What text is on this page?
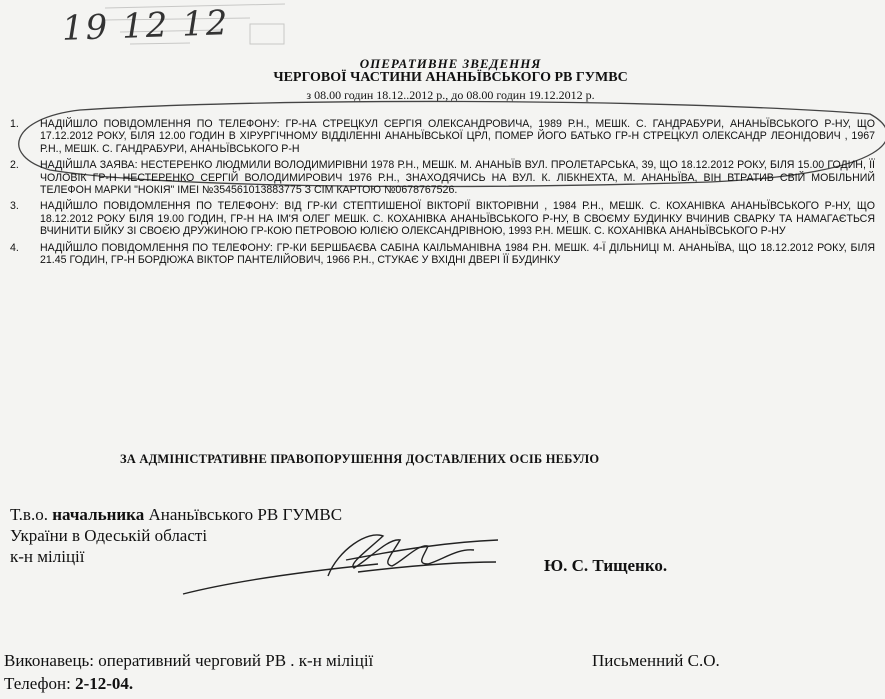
19 12 12
ОПЕРАТИВНЕ ЗВЕДЕННЯ
ЧЕРГОВОЇ ЧАСТИНИ АНАНЬЇВСЬКОГО РВ ГУМВС
з 08.00 годин 18.12..2012 р., до 08.00 годин 19.12.2012 р.
1.	НАДІЙШЛО ПОВІДОМЛЕННЯ ПО ТЕЛЕФОНУ: ГР-НА СТРЕЦКУЛ СЕРГІЯ ОЛЕКСАНДРОВИЧА, 1989 Р.Н., МЕШК. С. ГАНДРАБУРИ, АНАНЬЇВСЬКОГО Р-НУ, ЩО 17.12.2012 РОКУ, БІЛЯ 12.00 ГОДИН В ХІРУРГІЧНОМУ ВІДДІЛЕННІ АНАНЬЇВСЬКОЇ ЦРЛ, ПОМЕР ЙОГО БАТЬКО ГР-Н СТРЕЦКУЛ ОЛЕКСАНДР ЛЕОНІДОВИЧ , 1967 Р.Н., МЕШК. С. ГАНДРАБУРИ, АНАНЬЇВСЬКОГО Р-Н
2.	НАДІЙШЛА ЗАЯВА: НЕСТЕРЕНКО ЛЮДМИЛИ ВОЛОДИМИРІВНИ 1978 Р.Н., МЕШК. М. АНАНЬЇВ ВУЛ. ПРОЛЕТАРСЬКА, 39, ЩО 18.12.2012 РОКУ, БІЛЯ 15.00 ГОДИН, ЇЇ ЧОЛОВІК ГР-Н НЕСТЕРЕНКО СЕРГІЙ ВОЛОДИМИРОВИЧ 1976 Р.Н., ЗНАХОДЯЧИСЬ НА ВУЛ. К. ЛІБКНЕХТА, М. АНАНЬЇВА, ВІН ВТРАТИВ СВІЙ МОБІЛЬНИЙ ТЕЛЕФОН МАРКИ "НОКІЯ" ІМЕІ №354561013883775 З СІМ КАРТОЮ №0678767526.
3.	НАДІЙШЛО ПОВІДОМЛЕННЯ ПО ТЕЛЕФОНУ: ВІД ГР-КИ СТЕПТИШЕНОЇ ВІКТОРІЇ ВІКТОРІВНИ , 1984 Р.Н., МЕШК. С. КОХАНІВКА АНАНЬЇВСЬКОГО Р-НУ, ЩО 18.12.2012 РОКУ БІЛЯ 19.00 ГОДИН, ГР-Н НА ІМ'Я ОЛЕГ МЕШК. С. КОХАНІВКА АНАНЬЇВСЬКОГО Р-НУ, В СВОЄМУ БУДИНКУ ВЧИНИВ СВАРКУ ТА НАМАГАЄТЬСЯ ВЧИНИТИ БІЙКУ ЗІ СВОЄЮ ДРУЖИНОЮ ГР-КОЮ ПЕТРОВОЮ ЮЛІЄЮ ОЛЕКСАНДРІВНОЮ, 1993 Р.Н. МЕШК. С. КОХАНІВКА АНАНЬЇВСЬКОГО Р-НУ
4.	НАДІЙШЛО ПОВІДОМЛЕННЯ ПО ТЕЛЕФОНУ: ГР-КИ БЕРШБАЄВА САБІНА КАІЛЬМАНІВНА 1984 Р.Н. МЕШК. 4-Ї ДІЛЬНИЦІ М. АНАНЬЇВА, ЩО 18.12.2012 РОКУ, БІЛЯ 21.45 ГОДИН, ГР-Н БОРДЮЖА ВІКТОР ПАНТЕЛІЙОВИЧ, 1966 Р.Н., СТУКАЄ У ВХІДНІ ДВЕРІ ЇЇ БУДИНКУ
ЗА АДМІНІСТРАТИВНЕ ПРАВОПОРУШЕННЯ ДОСТАВЛЕНИХ ОСІБ НЕБУЛО
Т.в.о. начальника Ананьївського РВ ГУМВС
України в Одеській області
к-н міліції	Ю. С. Тищенко.
Виконавець: оперативний черговий РВ . к-н міліції	Письменний С.О.
Телефон: 2-12-04.
